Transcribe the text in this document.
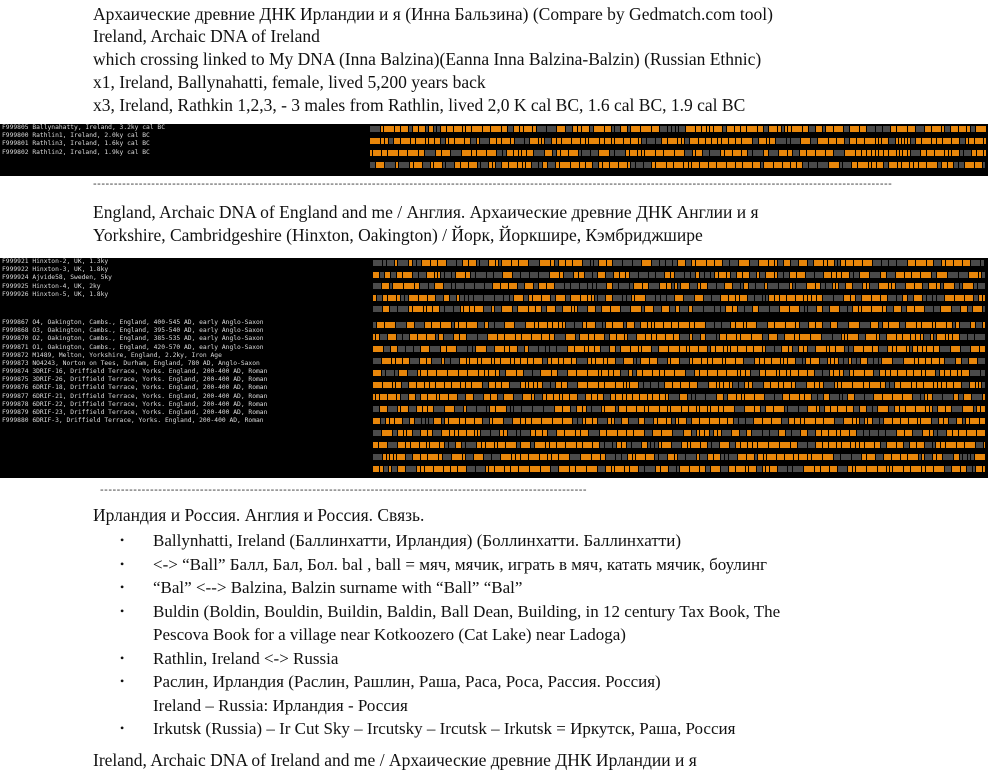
Архаические древние ДНК Ирландии и я (Инна Бальзина) (Compare by Gedmatch.com tool)
Ireland, Archaic DNA of Ireland
which crossing linked to My DNA (Inna Balzina)(Eanna Inna Balzina-Balzin) (Russian Ethnic)
x1, Ireland, Ballynahatti, female, lived 5,200 years back
x3, Ireland, Rathkin 1,2,3, - 3 males from Rathlin, lived 2,0 K cal BC, 1.6 cal BC, 1.9 cal BC
F999805 Ballynahatty, Ireland, 3.2ky cal BC
F999800 Rathlin1, Ireland, 2.0ky cal BC
F999801 Rathlin3, Ireland, 1.6ky cal BC
F999802 Rathlin2, Ireland, 1.9ky cal BC
------------------------------------------------------------------------------------------------------------------------------------------------------------------------------------------------
England, Archaic DNA of England and me / Англия. Архаические древние ДНК Англии и я
Yorkshire, Cambridgeshire (Hinxton, Oakington) / Йорк, Йоркшире, Кэмбриджшире
F999921 Hinxton-2, UK, 1.3ky
F999922 Hinxton-3, UK, 1.8ky
F999924 Ajvide58, Sweden, 5ky
F999925 Hinxton-4, UK, 2ky
F999926 Hinxton-5, UK, 1.8ky
F999867 O4, Oakington, Cambs., England, 400-545 AD, early Anglo-Saxon
F999868 O3, Oakington, Cambs., England, 395-540 AD, early Anglo-Saxon
F999870 O2, Oakington, Cambs., England, 385-535 AD, early Anglo-Saxon
F999871 O1, Oakington, Cambs., England, 420-570 AD, early Anglo-Saxon
F999872 M1489, Melton, Yorkshire, England, 2.2ky, Iron Age
F999873 NO4243, Norton on Tees, Durham, England, 780 AD, Anglo-Saxon
F999874 3DRIF-16, Driffield Terrace, Yorks. England, 200-400 AD, Roman
F999875 3DRIF-26, Driffield Terrace, Yorks. England, 200-400 AD, Roman
F999876 6DRIF-18, Driffield Terrace, Yorks. England, 200-400 AD, Roman
F999877 6DRIF-21, Driffield Terrace, Yorks. England, 200-400 AD, Roman
F999878 6DRIF-22, Driffield Terrace, Yorks. England, 200-400 AD, Roman
F999879 6DRIF-23, Driffield Terrace, Yorks. England, 200-400 AD, Roman
F999880 6DRIF-3, Driffield Terrace, Yorks. England, 200-400 AD, Roman
---------------------------------------------------------------------------------------------------------------------
Ирландия и Россия. Англия и Россия. Связь.
• Ballynhatti, Ireland (Баллинхатти, Ирландия) (Боллинхатти. Баллинхатти)
• <-> “Ball” Балл, Бал, Бол. bal , ball = мяч, мячик, играть в мяч, катать мячик, боулинг
• “Bal” <--> Balzina, Balzin surname with “Ball” “Bal”
• Buldin (Boldin, Bouldin, Buildin, Baldin, Ball Dean, Building, in 12 century Tax Book, The
Pescova Book for a village near Kotkoozero (Cat Lake) near Ladoga)
• Rathlin, Ireland <-> Russia
• Раслин, Ирландия (Раслин, Рашлин, Раша, Раса, Роса, Рассия. Россия)
Ireland – Russia: Ирландия - Россия
• Irkutsk (Russia) – Ir Cut Sky – Ircutsky – Ircutsk – Irkutsk = Иркутск, Раша, Россия
Ireland, Archaic DNA of Ireland and me / Архаические древние ДНК Ирландии и я
